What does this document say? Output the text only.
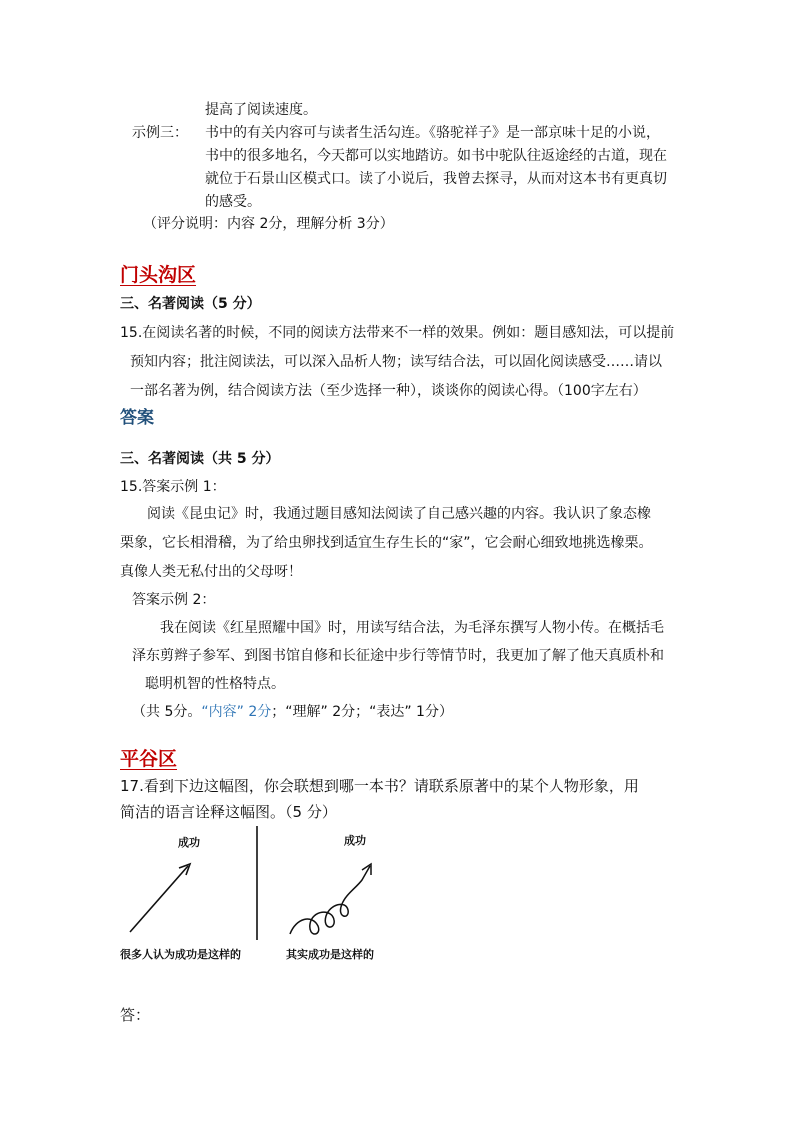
提高了阅读速度。
示例三： 书中的有关内容可与读者生活勾连。《骆驼祥子》是一部京味十足的小说，
书中的很多地名，今天都可以实地踏访。如书中驼队往返途经的古道，现在
就位于石景山区模式口。读了小说后，我曾去探寻，从而对这本书有更真切
的感受。
（评分说明：内容 2分，理解分析 3分）
门头沟区
三、名著阅读（5 分）
15.在阅读名著的时候，不同的阅读方法带来不一样的效果。例如：题目感知法，可以提前
预知内容；批注阅读法，可以深入品析人物；读写结合法，可以固化阅读感受……请以
一部名著为例，结合阅读方法（至少选择一种），谈谈你的阅读心得。（100字左右）
答案
三、名著阅读（共 5 分）
15.答案示例 1：
阅读《昆虫记》时，我通过题目感知法阅读了自己感兴趣的内容。我认识了象态橡
栗象，它长相滑稽，为了给虫卵找到适宜生存生长的“家”，它会耐心细致地挑选橡栗。
真像人类无私付出的父母呀！
答案示例 2：
我在阅读《红星照耀中国》时，用读写结合法，为毛泽东撰写人物小传。在概括毛
泽东剪辫子参军、到图书馆自修和长征途中步行等情节时，我更加了解了他天真质朴和
聪明机智的性格特点。
（共 5分。“内容” 2分；“理解” 2分；“表达” 1分）
平谷区
17.看到下边这幅图，你会联想到哪一本书？请联系原著中的某个人物形象，用
简洁的语言诠释这幅图。（5 分）
成功
很多人认为成功是这样的
成功
其实成功是这样的
答：
